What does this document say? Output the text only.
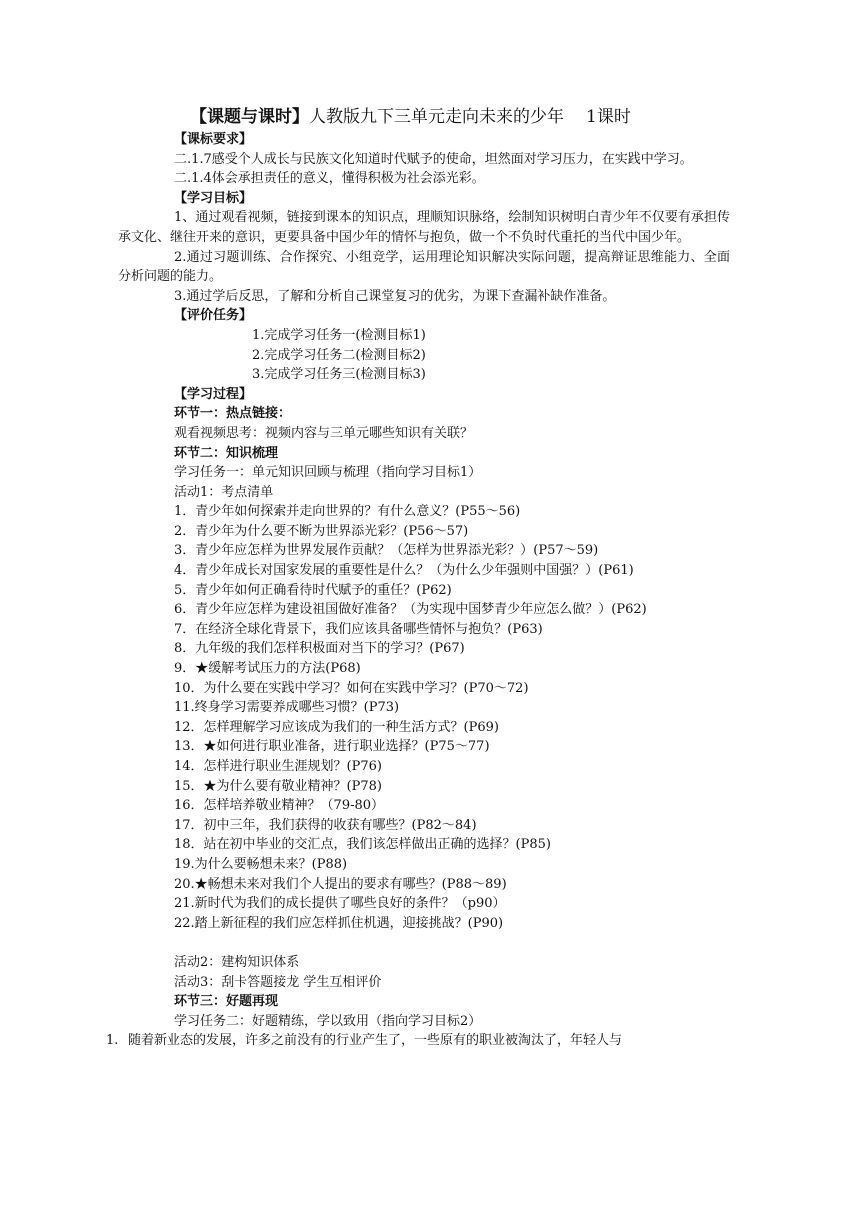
【课题与课时】人教版九下三单元走向未来的少年 1课时
【课标要求】
二.1.7感受个人成长与民族文化知道时代赋予的使命，坦然面对学习压力，在实践中学习。
二.1.4体会承担责任的意义，懂得积极为社会添光彩。
【学习目标】
1、通过观看视频，链接到课本的知识点，理顺知识脉络，绘制知识树明白青少年不仅要有承担传承文化、继往开来的意识，更要具备中国少年的情怀与抱负，做一个不负时代重托的当代中国少年。
2.通过习题训练、合作探究、小组竞学，运用理论知识解决实际问题，提高辩证思维能力、全面分析问题的能力。
3.通过学后反思，了解和分析自己课堂复习的优劣，为课下查漏补缺作准备。
【评价任务】
1.完成学习任务一(检测目标1)
2.完成学习任务二(检测目标2)
3.完成学习任务三(检测目标3)
【学习过程】
环节一：热点链接：
观看视频思考：视频内容与三单元哪些知识有关联？
环节二：知识梳理
学习任务一：单元知识回顾与梳理（指向学习目标1）
活动1：考点清单
1．青少年如何探索并走向世界的？有什么意义？(P55～56)
2．青少年为什么要不断为世界添光彩？(P56～57)
3．青少年应怎样为世界发展作贡献？（怎样为世界添光彩？）(P57～59)
4．青少年成长对国家发展的重要性是什么？（为什么少年强则中国强？）(P61)
5．青少年如何正确看待时代赋予的重任？(P62)
6．青少年应怎样为建设祖国做好准备？（为实现中国梦青少年应怎么做？）(P62)
7．在经济全球化背景下，我们应该具备哪些情怀与抱负？(P63)
8．九年级的我们怎样积极面对当下的学习？(P67)
9．★缓解考试压力的方法(P68)
10．为什么要在实践中学习？如何在实践中学习？(P70～72)
11.终身学习需要养成哪些习惯？(P73)
12．怎样理解学习应该成为我们的一种生活方式？(P69)
13．★如何进行职业准备，进行职业选择？(P75～77)
14．怎样进行职业生涯规划？(P76)
15．★为什么要有敬业精神？(P78)
16．怎样培养敬业精神？（79-80）
17．初中三年，我们获得的收获有哪些？(P82～84)
18．站在初中毕业的交汇点，我们该怎样做出正确的选择？(P85)
19.为什么要畅想未来？(P88)
20.★畅想未来对我们个人提出的要求有哪些？(P88～89)
21.新时代为我们的成长提供了哪些良好的条件？（p90）
22.踏上新征程的我们应怎样抓住机遇，迎接挑战？(P90)
活动2：建构知识体系
活动3：刮卡答题接龙 学生互相评价
环节三：好题再现
学习任务二：好题精练，学以致用（指向学习目标2）
1. 随着新业态的发展，许多之前没有的行业产生了，一些原有的职业被淘汰了，年轻人与
